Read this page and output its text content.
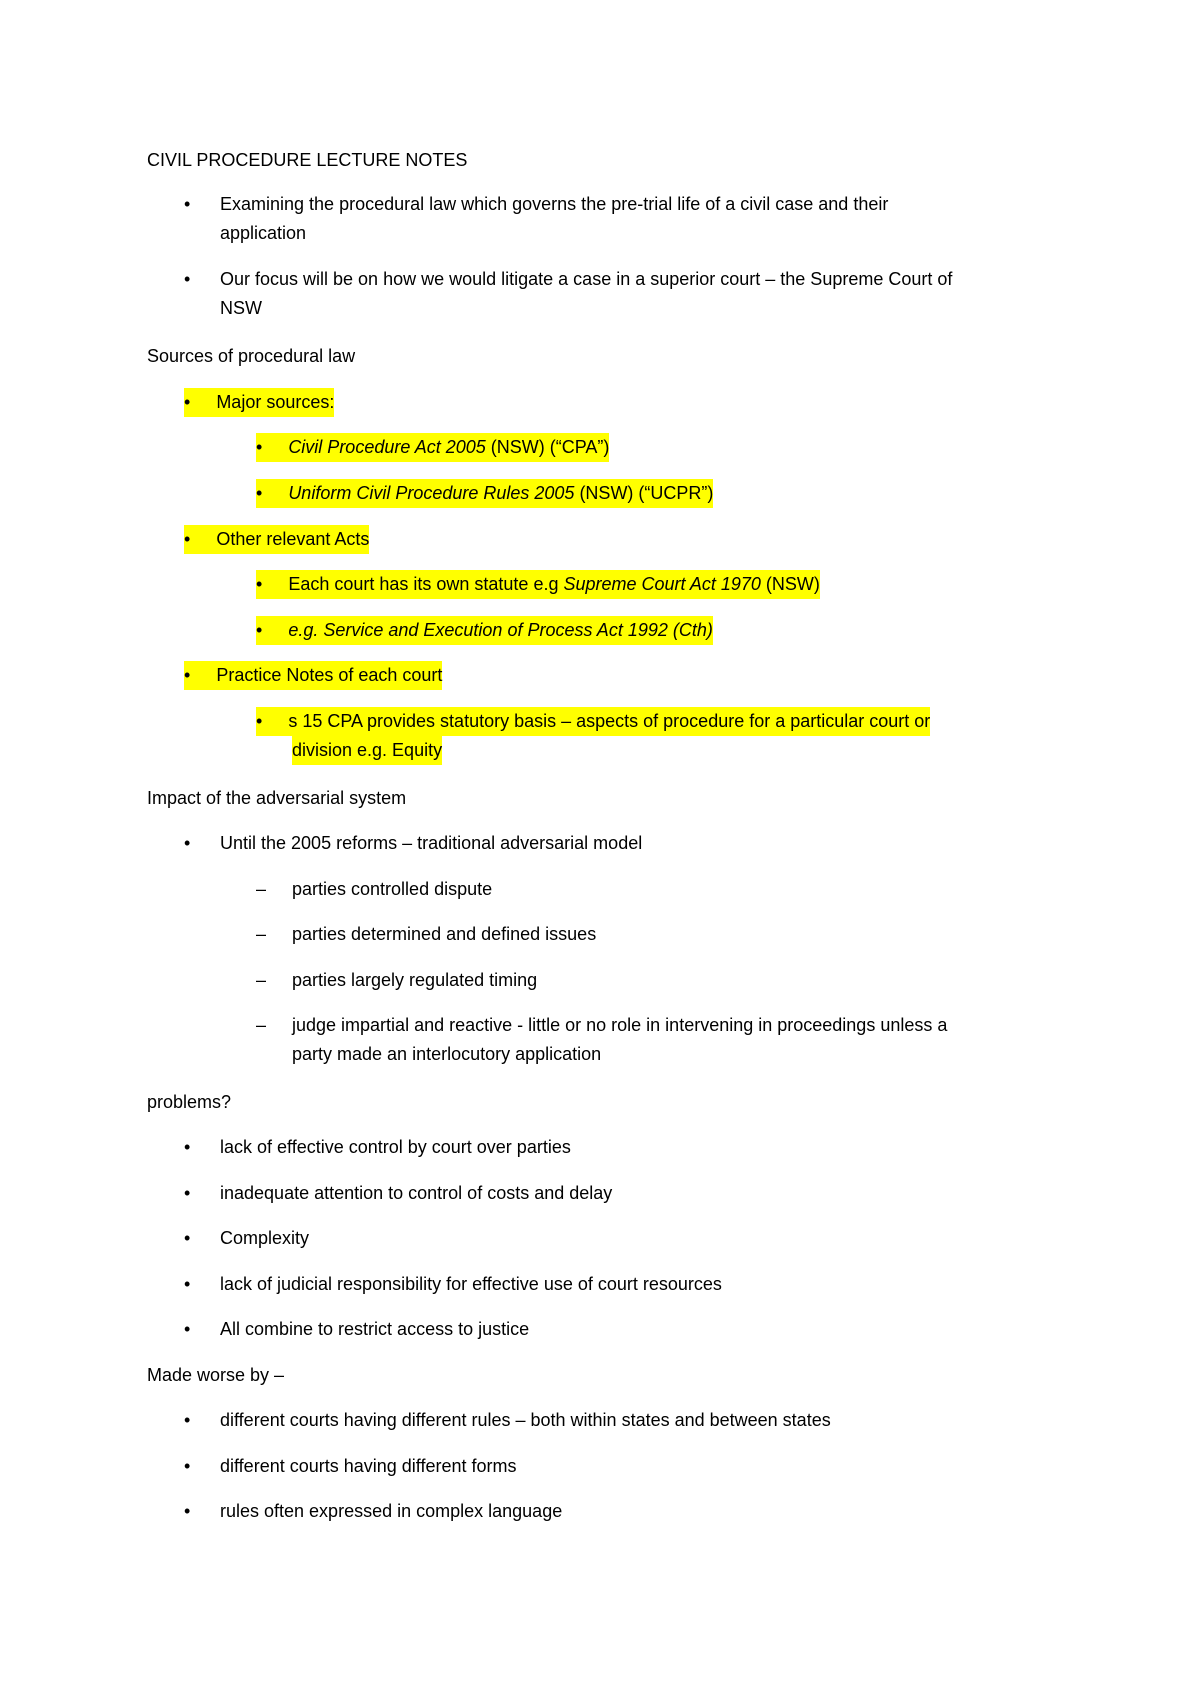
CIVIL PROCEDURE LECTURE NOTES
• Examining the procedural law which governs the pre-trial life of a civil case and their
application
• Our focus will be on how we would litigate a case in a superior court – the Supreme Court of
NSW
Sources of procedural law
• Major sources:
• Civil Procedure Act 2005 (NSW) (“CPA”)
• Uniform Civil Procedure Rules 2005 (NSW) (“UCPR”)
• Other relevant Acts
• Each court has its own statute e.g Supreme Court Act 1970 (NSW)
• e.g. Service and Execution of Process Act 1992 (Cth)
• Practice Notes of each court
• s 15 CPA provides statutory basis – aspects of procedure for a particular court or
division e.g. Equity
Impact of the adversarial system
• Until the 2005 reforms – traditional adversarial model
– parties controlled dispute
– parties determined and defined issues
– parties largely regulated timing
– judge impartial and reactive - little or no role in intervening in proceedings unless a
party made an interlocutory application
problems?
• lack of effective control by court over parties
• inadequate attention to control of costs and delay
• Complexity
• lack of judicial responsibility for effective use of court resources
• All combine to restrict access to justice
Made worse by –
• different courts having different rules – both within states and between states
• different courts having different forms
• rules often expressed in complex language
